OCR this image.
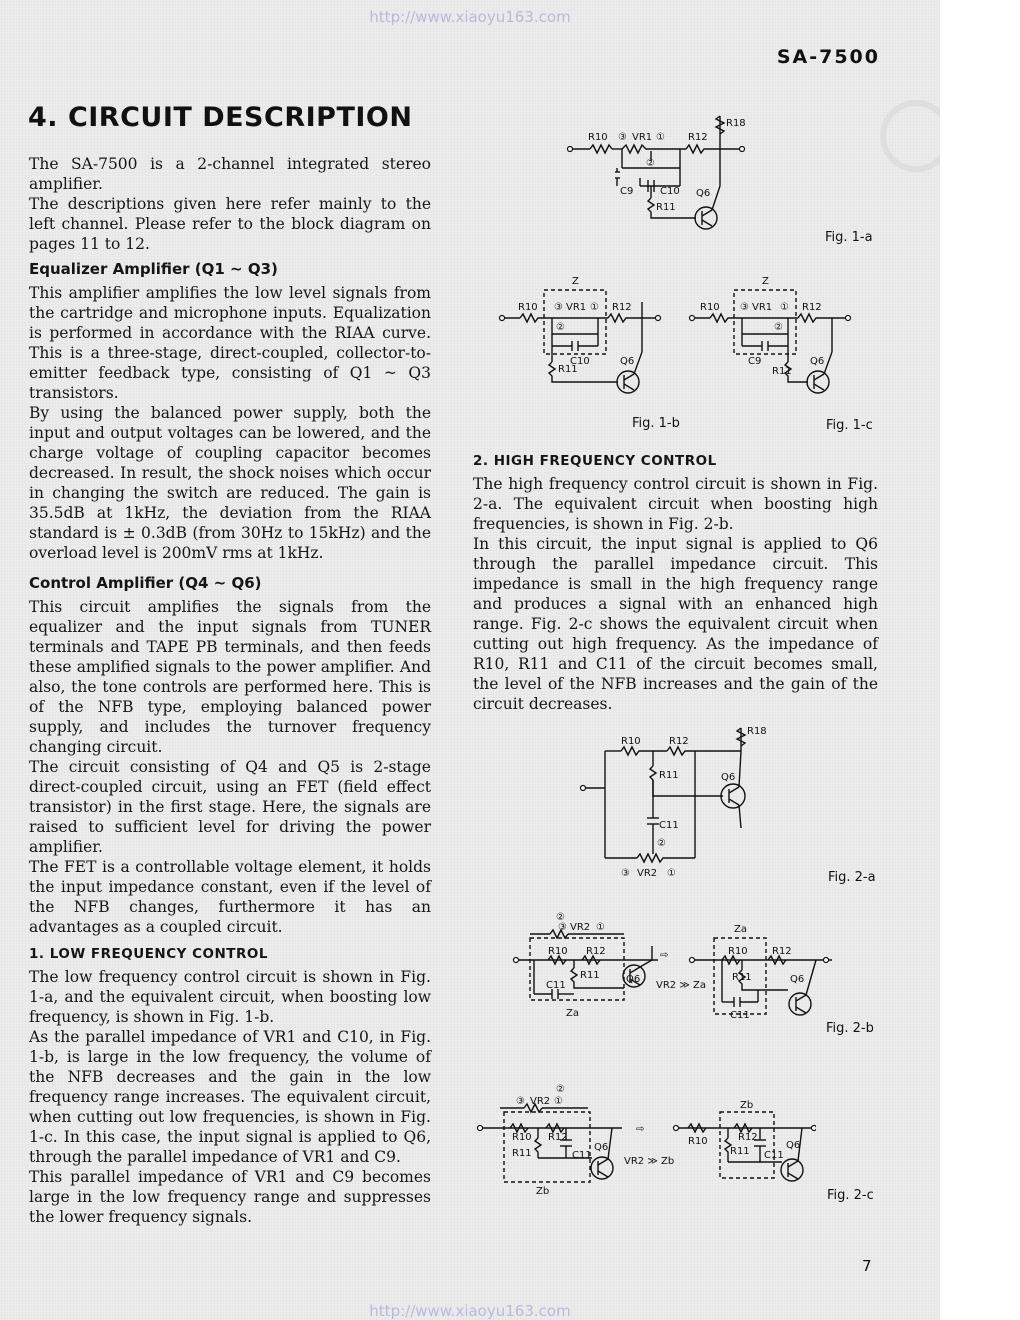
http://www.xiaoyu163.com
SA-7500
4. CIRCUIT DESCRIPTION

The SA-7500 is a 2-channel integrated stereo amplifier.

The descriptions given here refer mainly to the left channel. Please refer to the block diagram on pages 11 to 12.

Equalizer Amplifier (Q1 ~ Q3)

This amplifier amplifies the low level signals from the cartridge and microphone inputs. Equalization is performed in accordance with the RIAA curve. This is a three-stage, direct-coupled, collector-to-emitter feedback type, consisting of Q1 ~ Q3 transistors.

By using the balanced power supply, both the input and output voltages can be lowered, and the charge voltage of coupling capacitor becomes decreased. In result, the shock noises which occur in changing the switch are reduced. The gain is 35.5dB at 1kHz, the deviation from the RIAA standard is ± 0.3dB (from 30Hz to 15kHz) and the overload level is 200mV rms at 1kHz.

Control Amplifier (Q4 ~ Q6)

This circuit amplifies the signals from the equalizer and the input signals from TUNER terminals and TAPE PB terminals, and then feeds these amplified signals to the power amplifier. And also, the tone controls are performed here. This is of the NFB type, employing balanced power supply, and includes the turnover frequency changing circuit.

The circuit consisting of Q4 and Q5 is 2-stage direct-coupled circuit, using an FET (field effect transistor) in the first stage. Here, the signals are raised to sufficient level for driving the power amplifier.

The FET is a controllable voltage element, it holds the input impedance constant, even if the level of the NFB changes, furthermore it has an advantages as a coupled circuit.

1. LOW FREQUENCY CONTROL

The low frequency control circuit is shown in Fig. 1-a, and the equivalent circuit, when boosting low frequency, is shown in Fig. 1-b.

As the parallel impedance of VR1 and C10, in Fig. 1-b, is large in the low frequency, the volume of the NFB decreases and the gain in the low frequency range increases. The equivalent circuit, when cutting out low frequencies, is shown in Fig. 1-c. In this case, the input signal is applied to Q6, through the parallel impedance of VR1 and C9.

This parallel impedance of VR1 and C9 becomes large in the low frequency range and suppresses the lower frequency signals.

2. HIGH FREQUENCY CONTROL

The high frequency control circuit is shown in Fig. 2-a. The equivalent circuit when boosting high frequencies, is shown in Fig. 2-b.

In this circuit, the input signal is applied to Q6 through the parallel impedance circuit. This impedance is small in the high frequency range and produces a signal with an enhanced high range. Fig. 2-c shows the equivalent circuit when cutting out high frequency. As the impedance of R10, R11 and C11 of the circuit becomes small, the level of the NFB increases and the gain of the circuit decreases.

R10 ③ VR1 ① R12
R18
②
C9	C10
R11
Q6
Fig. 1-a
Z
R10 ③ VR1 ① R12
②
C10
R11
Q6
Fig. 1-b
Z
R10 ③ VR1 ① R12
②
C9
R11
Q6
Fig. 1-c
R10	R12
R18
R11	Q6
C11
②
③ VR2 ①	Fig. 2-a
②
③ VR2 ①
R10 R12
R11
C11
Q6
Za
⇨
VR2 ≫ Za
Za
R10 R12
R11	Q6
C11
Fig. 2-b
②
③ VR2 ①
R10 R12
R11	C11
Q6
Zb
⇨
VR2 ≫ Zb
Zb
R10	R12
R11 C11
Q6
Fig. 2-c
7
http://www.xiaoyu163.com
